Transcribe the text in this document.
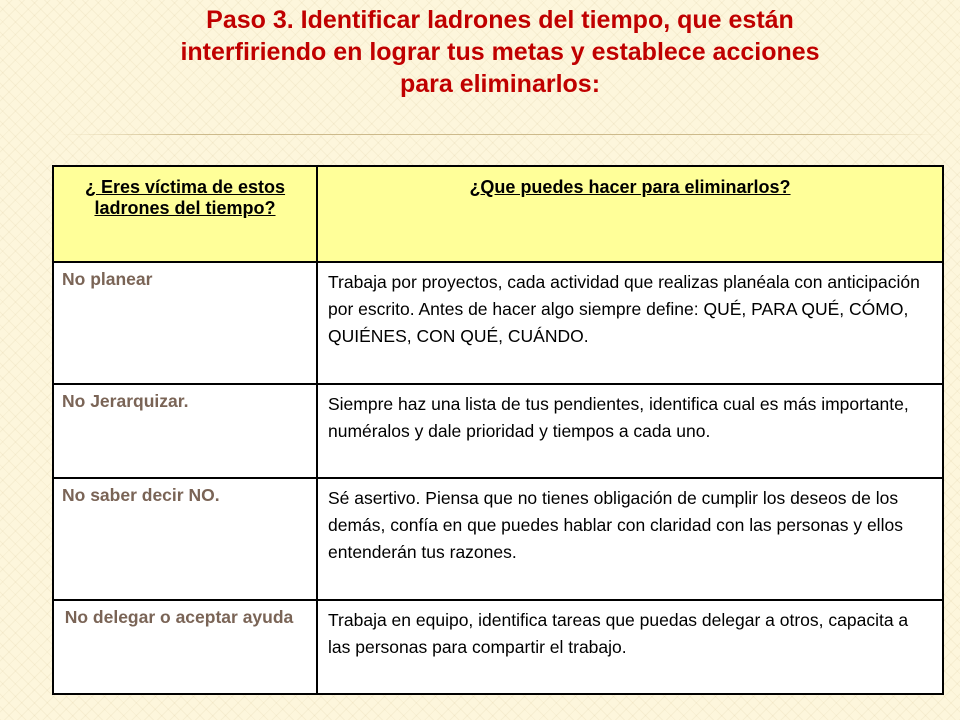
Paso 3. Identificar ladrones del tiempo, que están interfiriendo en lograr tus metas y establece acciones para eliminarlos:
¿ Eres víctima de estos ladrones del tiempo?	¿Que puedes hacer para eliminarlos?

No planear	Trabaja por proyectos, cada actividad que realizas planéala con anticipación por escrito. Antes de hacer algo siempre define: QUÉ, PARA QUÉ, CÓMO, QUIÉNES, CON QUÉ, CUÁNDO.

No Jerarquizar.	Siempre haz una lista de tus pendientes, identifica cual es más importante, numéralos y dale prioridad y tiempos a cada uno.

No saber decir NO.	Sé asertivo. Piensa que no tienes obligación de cumplir los deseos de los demás, confía en que puedes hablar con claridad con las personas y ellos entenderán tus razones.

No delegar o aceptar ayuda	Trabaja en equipo, identifica tareas que puedas delegar a otros, capacita a las personas para compartir el trabajo.
